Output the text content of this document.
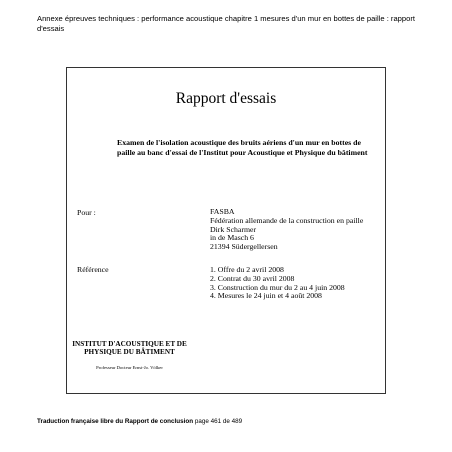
Annexe épreuves techniques : performance acoustique chapitre 1 mesures d'un mur en bottes de paille : rapport d'essais
Rapport d'essais
Examen de l'isolation acoustique des bruits aériens d'un mur en bottes de paille au banc d'essai de l'Institut pour Acoustique et Physique du bâtiment
Pour :	FASBA
Fédération allemande de la construction en paille
Dirk Scharmer
in de Masch 6
21394 Südergellersen
Référence	1. Offre du 2 avril 2008
2. Contrat du 30 avril 2008
3. Construction du mur du 2 au 4 juin 2008
4. Mesures le 24 juin et 4 août 2008
INSTITUT D'ACOUSTIQUE ET DE PHYSIQUE DU BÂTIMENT
Professeur Docteur Ernst-Jo. Völker
Traduction française libre du Rapport de conclusion page 461 de 489
